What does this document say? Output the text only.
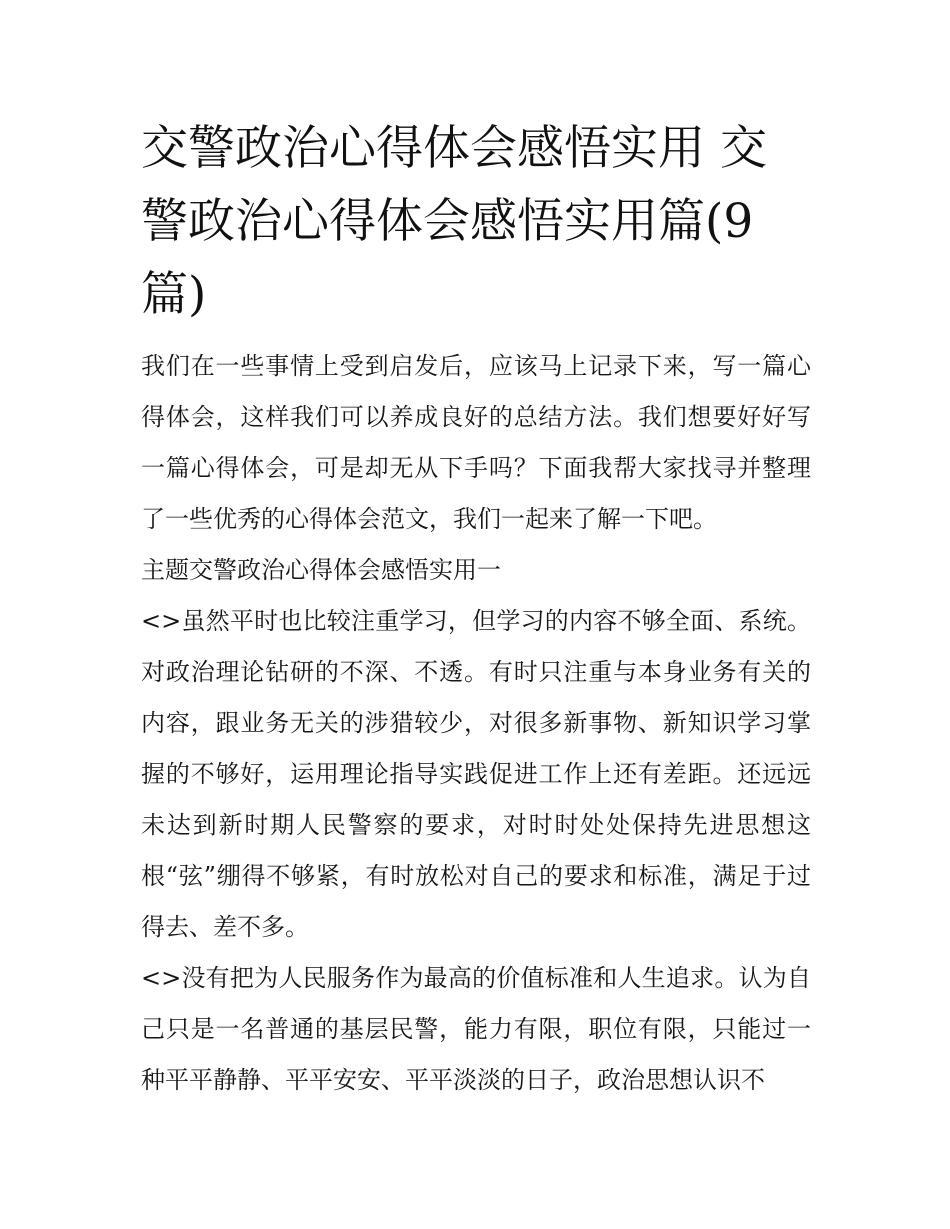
交警政治心得体会感悟实用 交警政治心得体会感悟实用篇(9篇)

我们在一些事情上受到启发后，应该马上记录下来，写一篇心得体会，这样我们可以养成良好的总结方法。我们想要好好写一篇心得体会，可是却无从下手吗？下面我帮大家找寻并整理了一些优秀的心得体会范文，我们一起来了解一下吧。

主题交警政治心得体会感悟实用一

<>虽然平时也比较注重学习，但学习的内容不够全面、系统。对政治理论钻研的不深、不透。有时只注重与本身业务有关的内容，跟业务无关的涉猎较少，对很多新事物、新知识学习掌握的不够好，运用理论指导实践促进工作上还有差距。还远远未达到新时期人民警察的要求，对时时处处保持先进思想这根“弦”绷得不够紧，有时放松对自己的要求和标准，满足于过得去、差不多。

<>没有把为人民服务作为最高的价值标准和人生追求。认为自己只是一名普通的基层民警，能力有限，职位有限，只能过一种平平静静、平平安安、平平淡淡的日子，政治思想认识不
